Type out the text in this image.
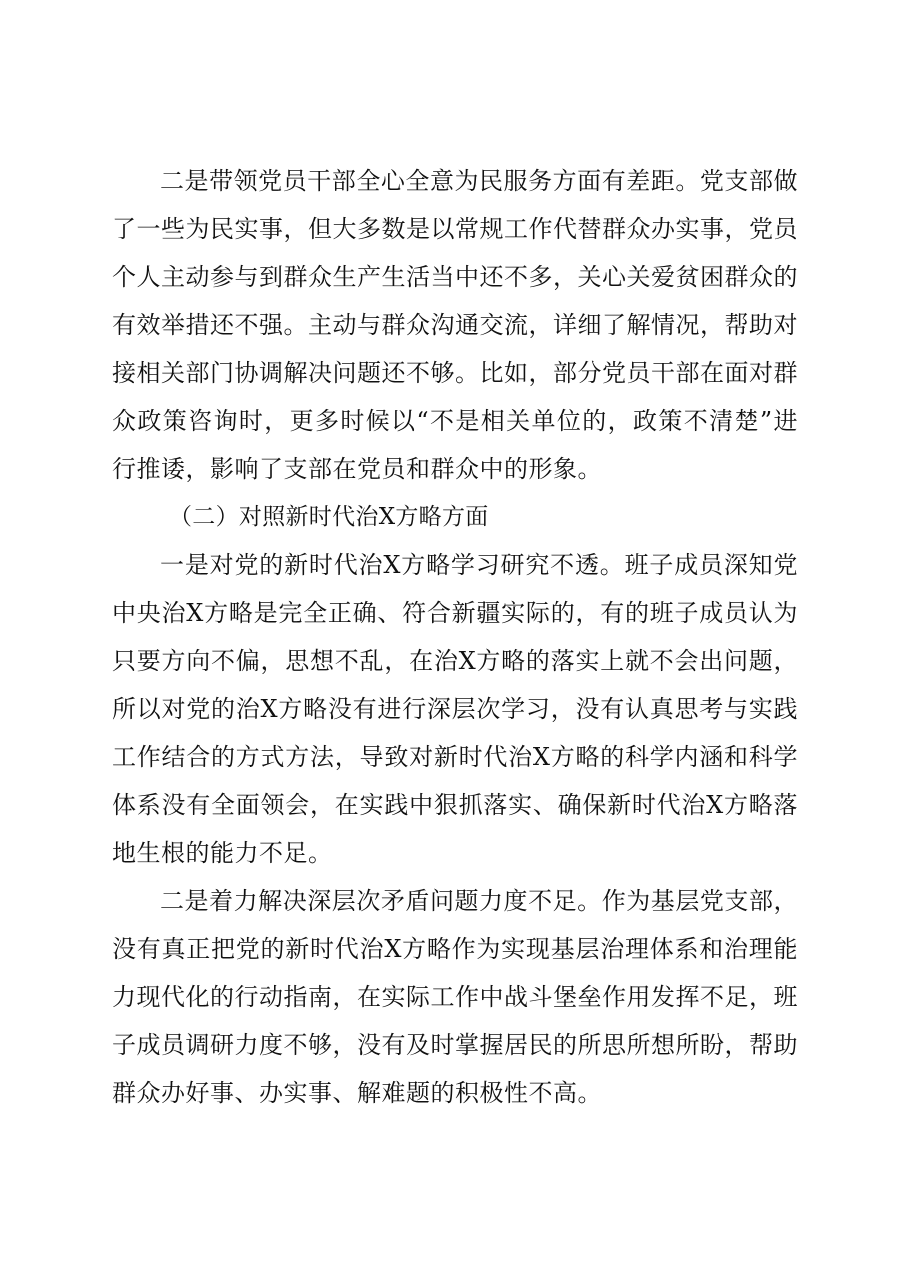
二是带领党员干部全心全意为民服务方面有差距。党支部做了一些为民实事，但大多数是以常规工作代替群众办实事，党员个人主动参与到群众生产生活当中还不多，关心关爱贫困群众的有效举措还不强。主动与群众沟通交流，详细了解情况，帮助对接相关部门协调解决问题还不够。比如，部分党员干部在面对群众政策咨询时，更多时候以“不是相关单位的，政策不清楚”进行推诿，影响了支部在党员和群众中的形象。

（二）对照新时代治X方略方面

一是对党的新时代治X方略学习研究不透。班子成员深知党中央治X方略是完全正确、符合新疆实际的，有的班子成员认为只要方向不偏，思想不乱，在治X方略的落实上就不会出问题，所以对党的治X方略没有进行深层次学习，没有认真思考与实践工作结合的方式方法，导致对新时代治X方略的科学内涵和科学体系没有全面领会，在实践中狠抓落实、确保新时代治X方略落地生根的能力不足。

二是着力解决深层次矛盾问题力度不足。作为基层党支部，没有真正把党的新时代治X方略作为实现基层治理体系和治理能力现代化的行动指南，在实际工作中战斗堡垒作用发挥不足，班子成员调研力度不够，没有及时掌握居民的所思所想所盼，帮助群众办好事、办实事、解难题的积极性不高。
